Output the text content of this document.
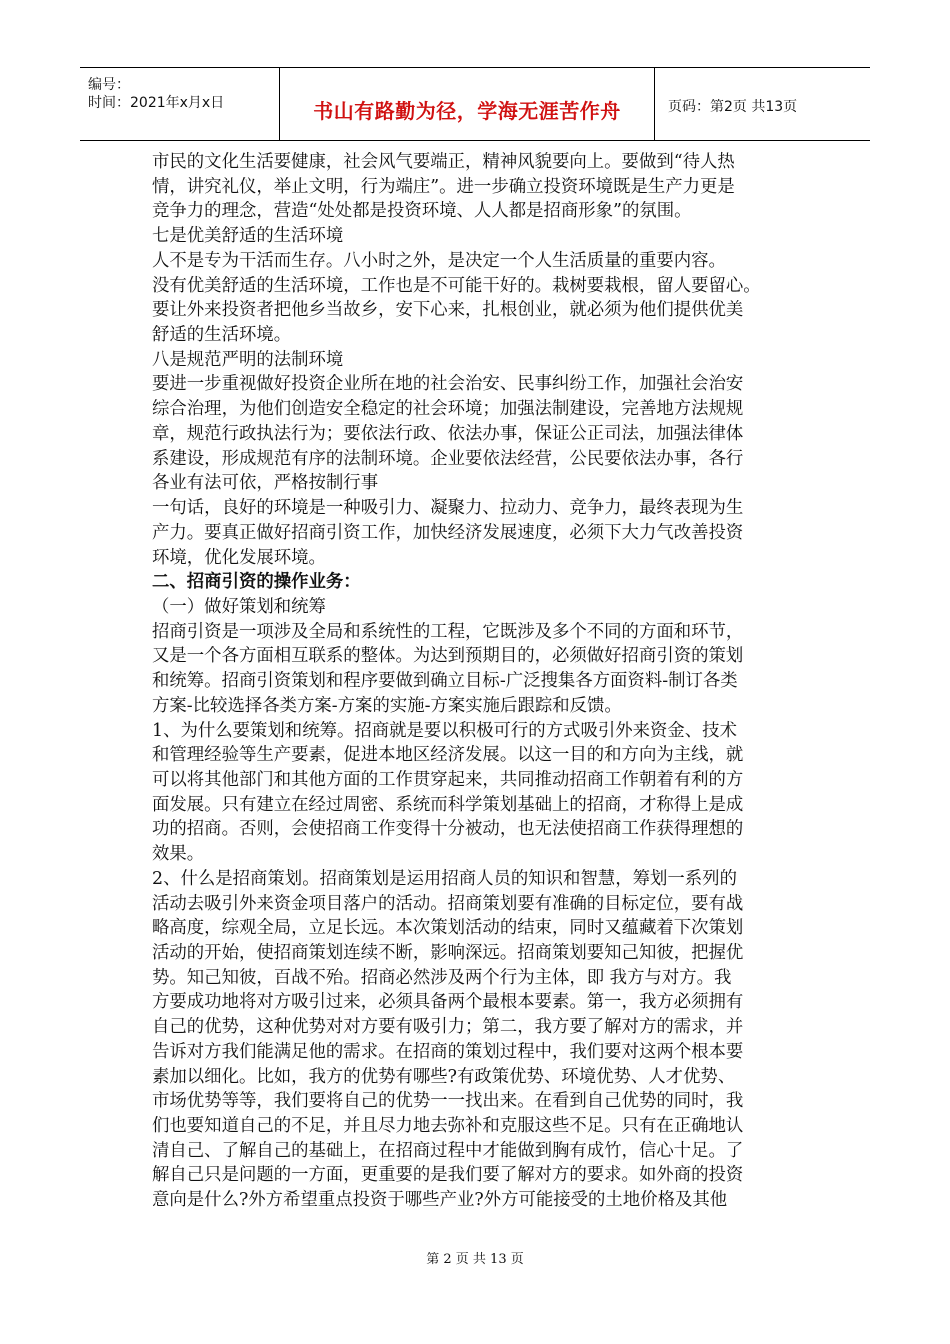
编号：
时间：2021年x月x日	书山有路勤为径，学海无涯苦作舟	页码：第2页 共13页
市民的文化生活要健康，社会风气要端正，精神风貌要向上。要做到“待人热
情，讲究礼仪，举止文明，行为端庄”。进一步确立投资环境既是生产力更是
竞争力的理念，营造“处处都是投资环境、人人都是招商形象”的氛围。
七是优美舒适的生活环境
人不是专为干活而生存。八小时之外，是决定一个人生活质量的重要内容。
没有优美舒适的生活环境，工作也是不可能干好的。栽树要栽根，留人要留心。
要让外来投资者把他乡当故乡，安下心来，扎根创业，就必须为他们提供优美
舒适的生活环境。
八是规范严明的法制环境
要进一步重视做好投资企业所在地的社会治安、民事纠纷工作，加强社会治安
综合治理，为他们创造安全稳定的社会环境；加强法制建设，完善地方法规规
章，规范行政执法行为；要依法行政、依法办事，保证公正司法，加强法律体
系建设，形成规范有序的法制环境。企业要依法经营，公民要依法办事，各行
各业有法可依，严格按制行事
一句话，良好的环境是一种吸引力、凝聚力、拉动力、竞争力，最终表现为生
产力。要真正做好招商引资工作，加快经济发展速度，必须下大力气改善投资
环境，优化发展环境。
二、招商引资的操作业务：
（一）做好策划和统筹
招商引资是一项涉及全局和系统性的工程，它既涉及多个不同的方面和环节，
又是一个各方面相互联系的整体。为达到预期目的，必须做好招商引资的策划
和统筹。招商引资策划和程序要做到确立目标-广泛搜集各方面资料-制订各类
方案-比较选择各类方案-方案的实施-方案实施后跟踪和反馈。
1、为什么要策划和统筹。招商就是要以积极可行的方式吸引外来资金、技术
和管理经验等生产要素，促进本地区经济发展。以这一目的和方向为主线，就
可以将其他部门和其他方面的工作贯穿起来，共同推动招商工作朝着有利的方
面发展。只有建立在经过周密、系统而科学策划基础上的招商，才称得上是成
功的招商。否则，会使招商工作变得十分被动，也无法使招商工作获得理想的
效果。
2、什么是招商策划。招商策划是运用招商人员的知识和智慧，筹划一系列的
活动去吸引外来资金项目落户的活动。招商策划要有准确的目标定位，要有战
略高度，综观全局，立足长远。本次策划活动的结束，同时又蕴藏着下次策划
活动的开始，使招商策划连续不断，影响深远。招商策划要知己知彼，把握优
势。知己知彼，百战不殆。招商必然涉及两个行为主体，即 我方与对方。我
方要成功地将对方吸引过来，必须具备两个最根本要素。第一，我方必须拥有
自己的优势，这种优势对对方要有吸引力；第二，我方要了解对方的需求，并
告诉对方我们能满足他的需求。在招商的策划过程中，我们要对这两个根本要
素加以细化。比如，我方的优势有哪些?有政策优势、环境优势、人才优势、
市场优势等等，我们要将自己的优势一一找出来。在看到自己优势的同时，我
们也要知道自己的不足，并且尽力地去弥补和克服这些不足。只有在正确地认
清自己、了解自己的基础上，在招商过程中才能做到胸有成竹，信心十足。了
解自己只是问题的一方面，更重要的是我们要了解对方的要求。如外商的投资
意向是什么?外方希望重点投资于哪些产业?外方可能接受的土地价格及其他
第 2 页 共 13 页
